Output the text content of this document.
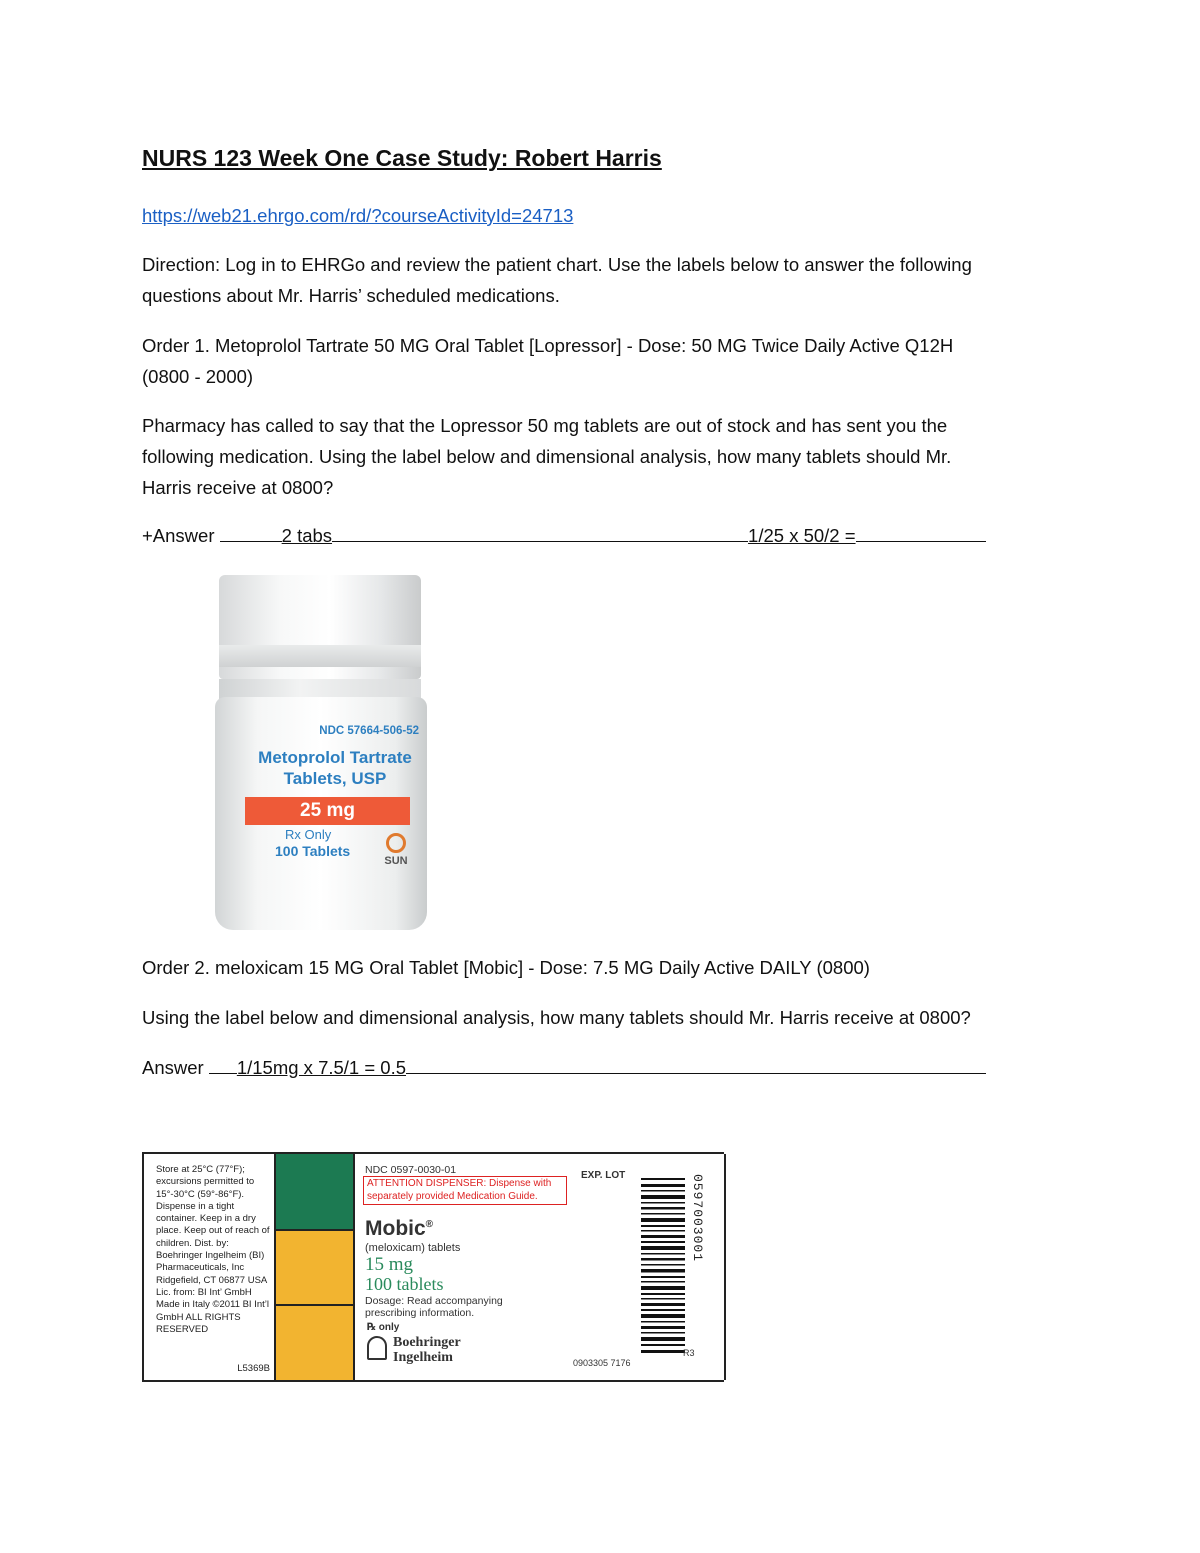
NURS 123 Week One Case Study: Robert Harris
https://web21.ehrgo.com/rd/?courseActivityId=24713
Direction: Log in to EHRGo and review the patient chart. Use the labels below to answer the following
questions about Mr. Harris’ scheduled medications.
Order 1. Metoprolol Tartrate 50 MG Oral Tablet [Lopressor] - Dose: 50 MG Twice Daily Active Q12H
(0800 - 2000)
Pharmacy has called to say that the Lopressor 50 mg tablets are out of stock and has sent you the
following medication. Using the label below and dimensional analysis, how many tablets should Mr.
Harris receive at 0800?
+Answer	2 tabs	1/25 x 50/2 =

NDC 57664-506-52
Metoprolol Tartrate
Tablets, USP
25 mg
Rx Only
100 Tablets
SUN
Order 2. meloxicam 15 MG Oral Tablet [Mobic] - Dose: 7.5 MG Daily Active DAILY (0800)
Using the label below and dimensional analysis, how many tablets should Mr. Harris receive at 0800?
Answer 1/15mg x 7.5/1 = 0.5
Store at 25°C (77°F); excursions permitted to 15°-30°C (59°-86°F). Dispense in a tight container. Keep in a dry place. Keep out of reach of children. Dist. by: Boehringer Ingelheim (BI) Pharmaceuticals, Inc Ridgefield, CT 06877 USA Lic. from: BI Int’ GmbH Made in Italy ©2011 BI Int’l GmbH ALL RIGHTS RESERVED
L5369B
NDC 0597-0030-01
ATTENTION DISPENSER: Dispense with separately provided Medication Guide.
Mobic®
(meloxicam) tablets
15 mg
100 tablets
Dosage: Read accompanying prescribing information.
℞ only
Boehringer
Ingelheim
EXP. LOT	0597003001
0903305 7176
R3
